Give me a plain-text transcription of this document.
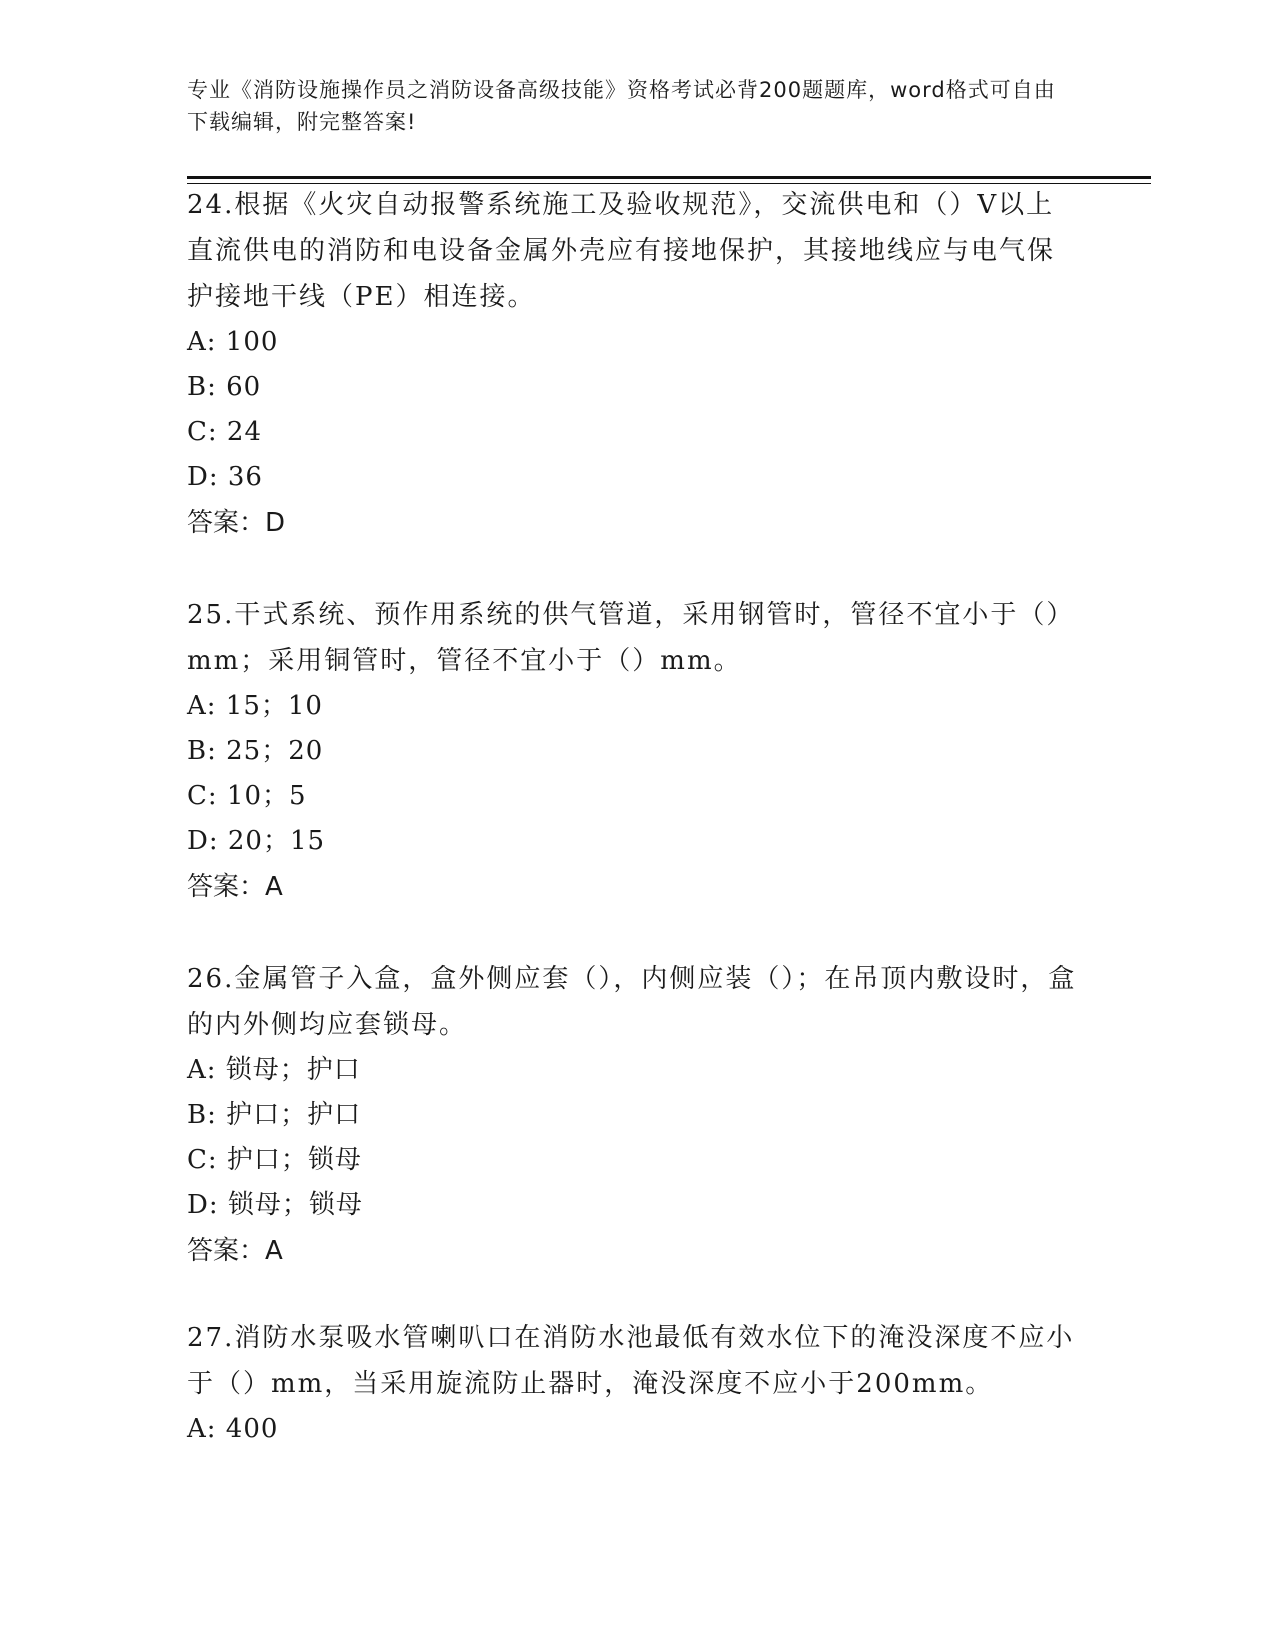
专业《消防设施操作员之消防设备高级技能》资格考试必背200题题库，word格式可自由下载编辑，附完整答案!

24.根据《火灾自动报警系统施工及验收规范》，交流供电和（）V以上直流供电的消防和电设备金属外壳应有接地保护，其接地线应与电气保护接地干线（PE）相连接。

A: 100

B: 60

C: 24

D: 36

答案：D

25.干式系统、预作用系统的供气管道，采用钢管时，管径不宜小于（）mm；采用铜管时，管径不宜小于（）mm。

A: 15；10

B: 25；20

C: 10；5

D: 20；15

答案：A

26.金属管子入盒，盒外侧应套（），内侧应装（）；在吊顶内敷设时，盒的内外侧均应套锁母。

A: 锁母；护口

B: 护口；护口

C: 护口；锁母

D: 锁母；锁母

答案：A

27.消防水泵吸水管喇叭口在消防水池最低有效水位下的淹没深度不应小于（）mm，当采用旋流防止器时，淹没深度不应小于200mm。

A: 400
